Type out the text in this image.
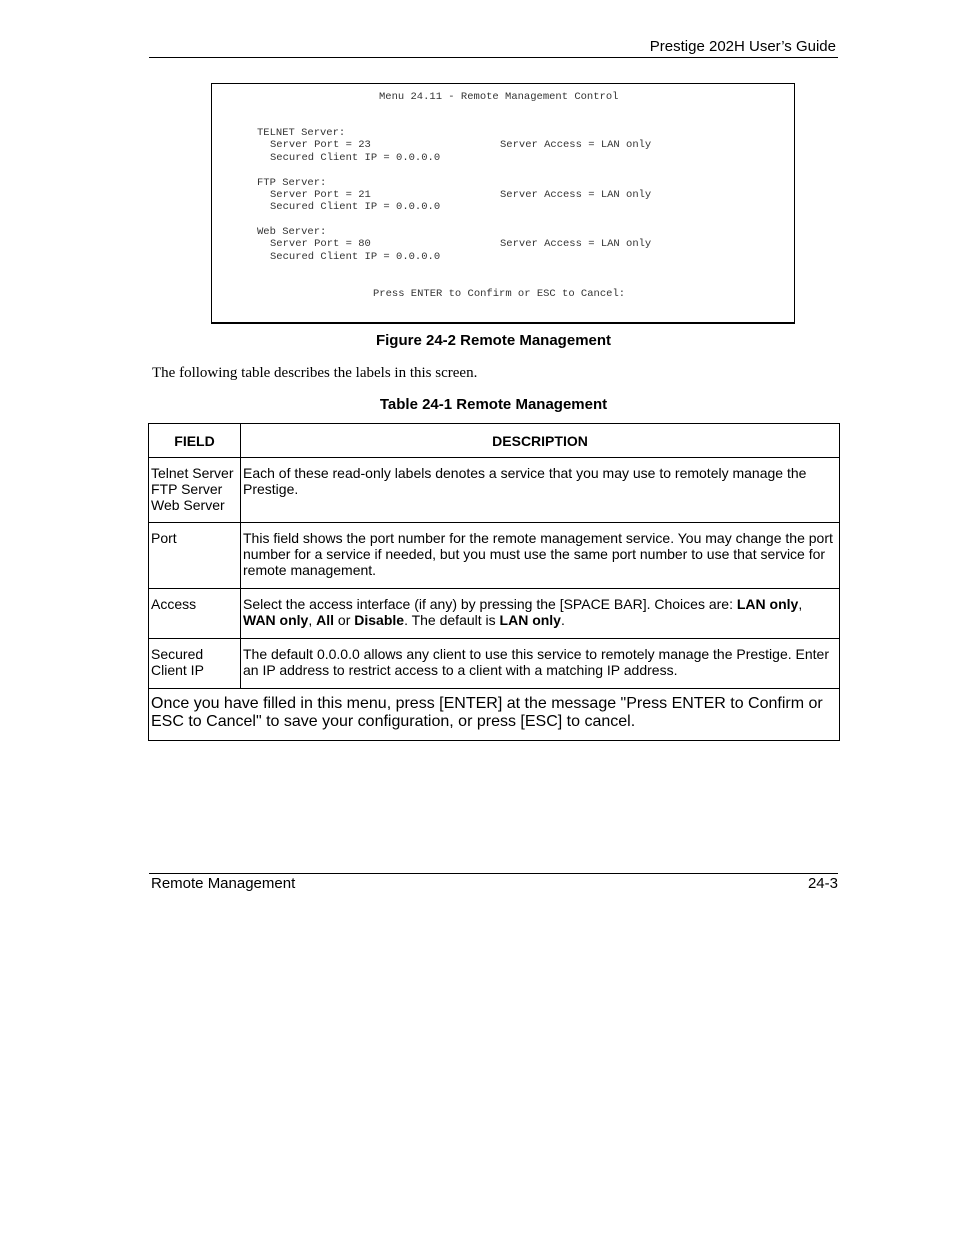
Prestige 202H User’s Guide
Menu 24.11 - Remote Management Control
TELNET Server:
Server Port = 23	Server Access = LAN only
Secured Client IP = 0.0.0.0
FTP Server:
Server Port = 21	Server Access = LAN only
Secured Client IP = 0.0.0.0
Web Server:
Server Port = 80	Server Access = LAN only
Secured Client IP = 0.0.0.0
Press ENTER to Confirm or ESC to Cancel:
Figure 24-2 Remote Management
The following table describes the labels in this screen.
Table 24-1 Remote Management
FIELD	DESCRIPTION

Telnet Server
FTP Server
Web Server	Each of these read-only labels denotes a service that you may use to remotely manage the Prestige.
Port	This field shows the port number for the remote management service. You may change the port number for a service if needed, but you must use the same port number to use that service for remote management.
Access	Select the access interface (if any) by pressing the [SPACE BAR]. Choices are: LAN only, WAN only, All or Disable. The default is LAN only.

Secured
Client IP	The default 0.0.0.0 allows any client to use this service to remotely manage the Prestige. Enter an IP address to restrict access to a client with a matching IP address.
Once you have filled in this menu, press [ENTER] at the message "Press ENTER to Confirm or ESC to Cancel" to save your configuration, or press [ESC] to cancel.	
Remote Management	24-3
